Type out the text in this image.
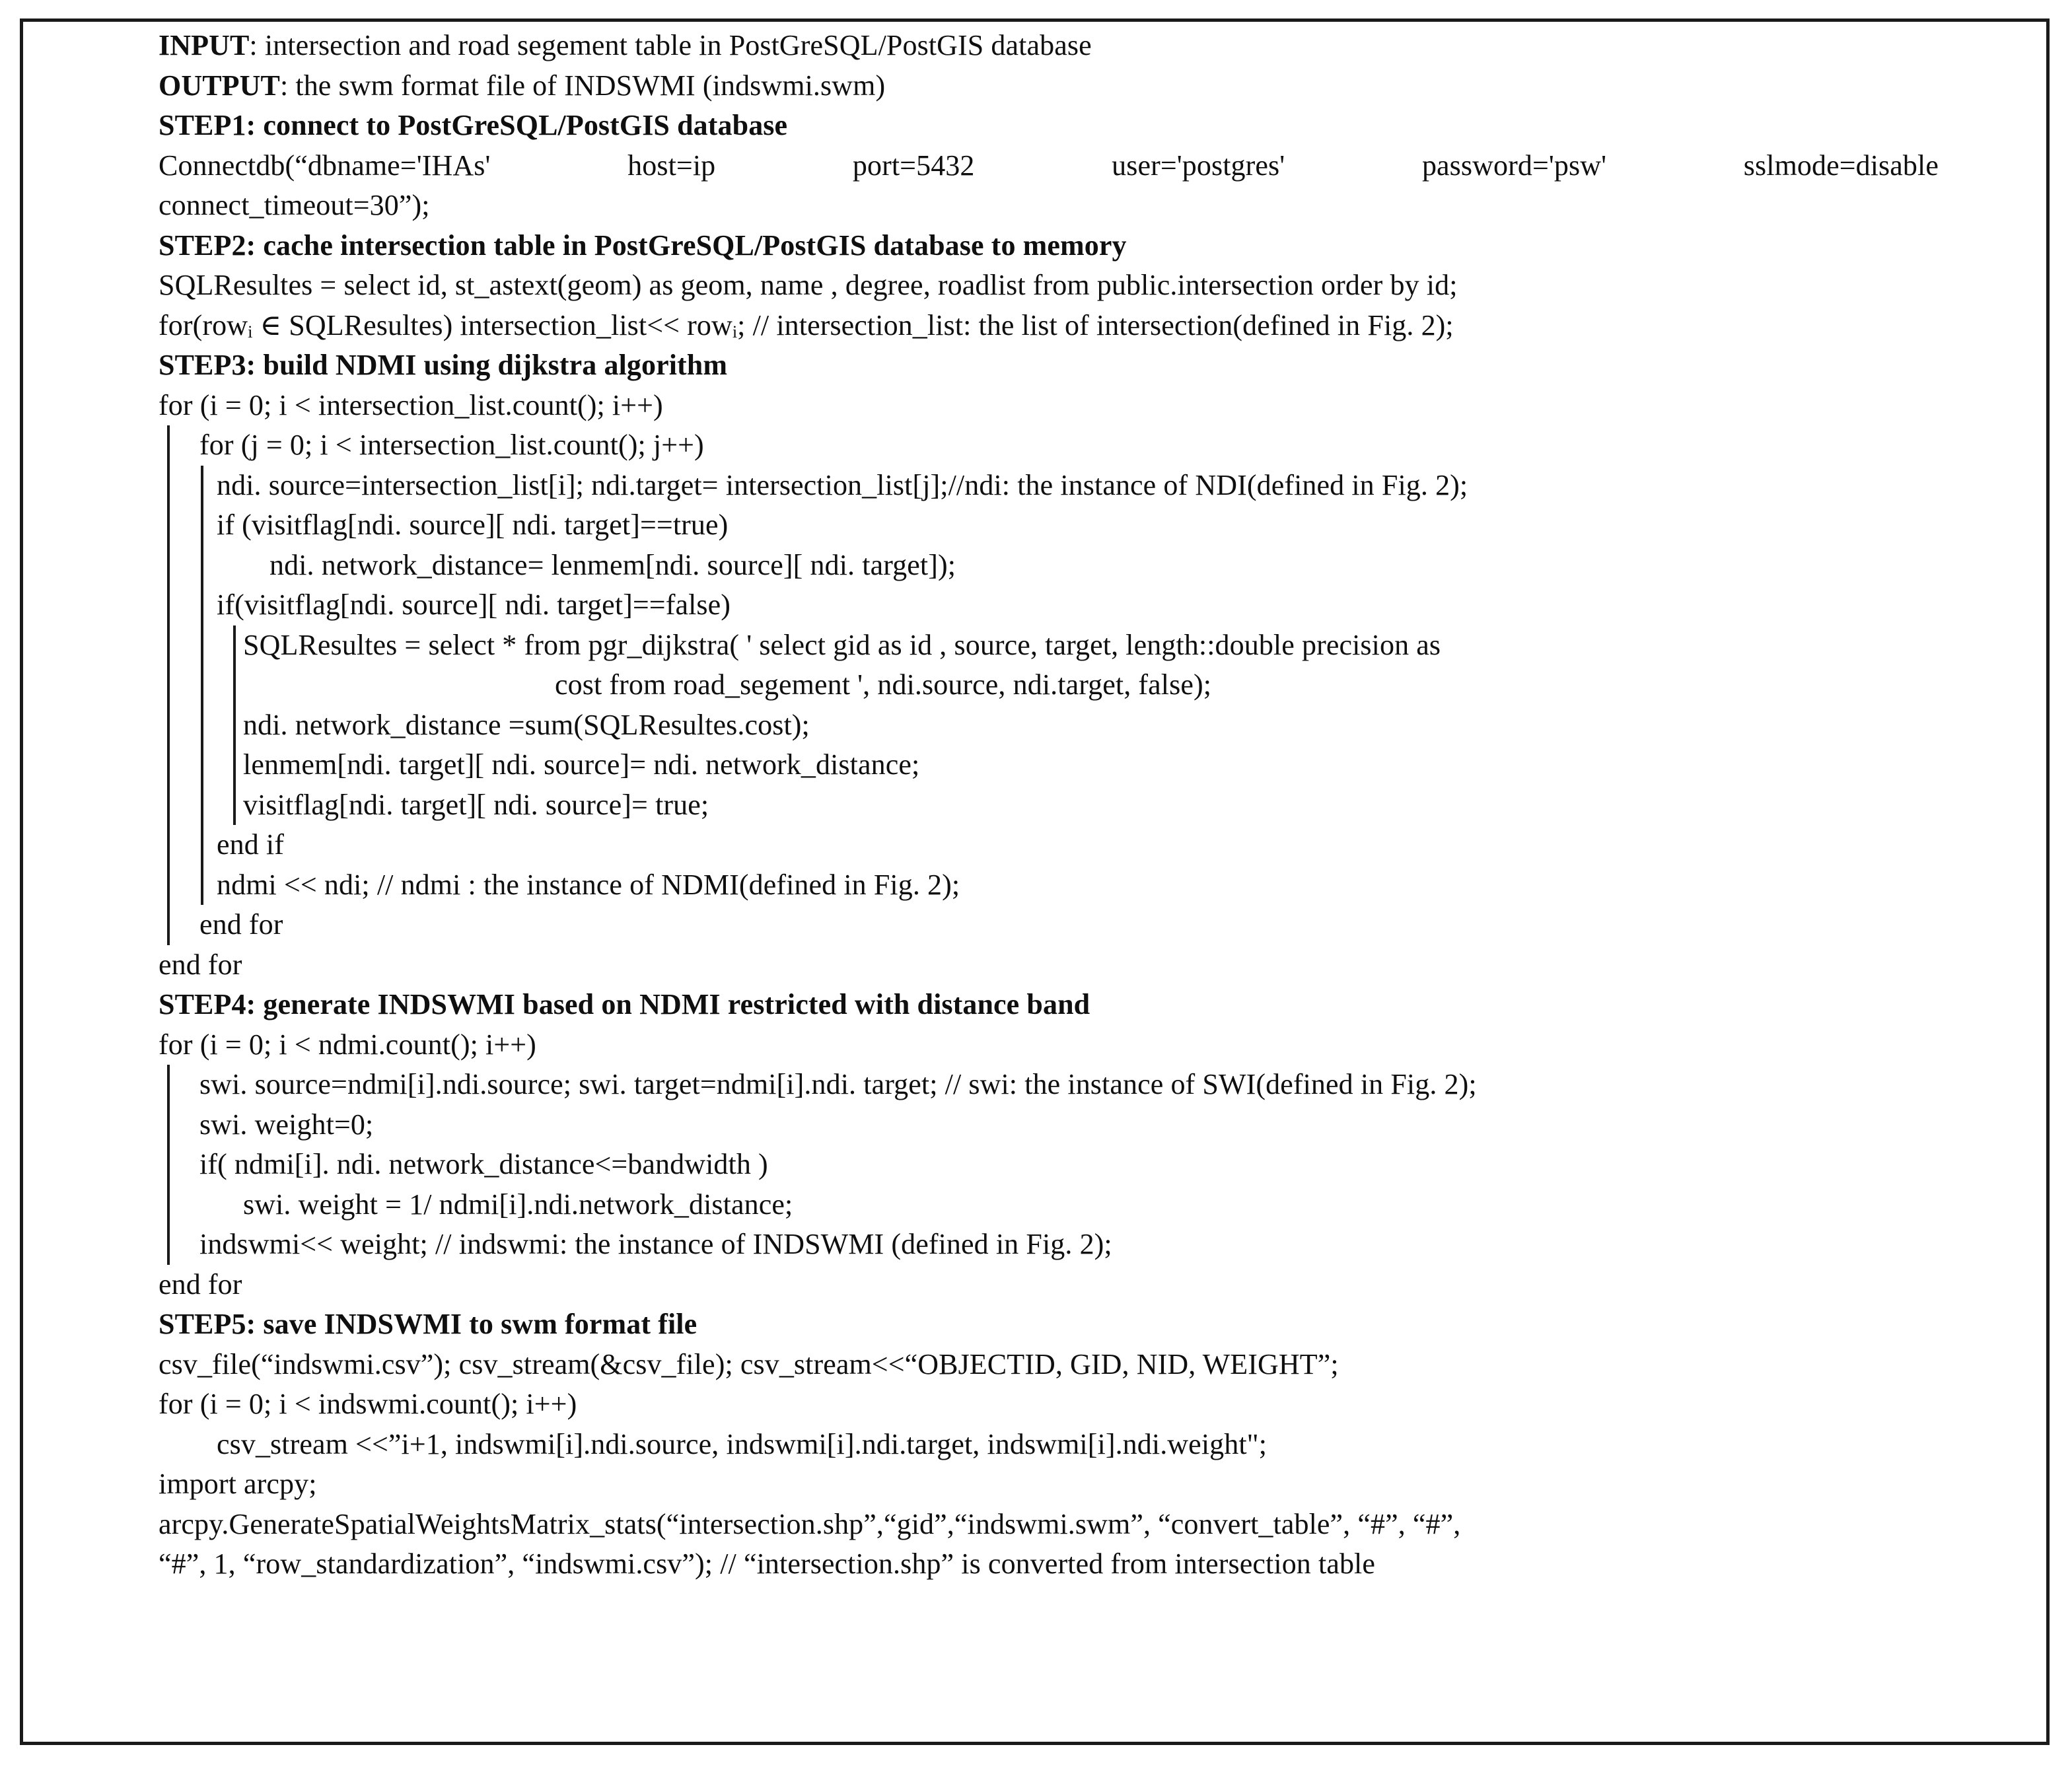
INPUT: intersection and road segement table in PostGreSQL/PostGIS database
OUTPUT: the swm format file of INDSWMI (indswmi.swm)
STEP1: connect to PostGreSQL/PostGIS database
Connectdb(“dbname='IHAs'	host=ip	port=5432	user='postgres'	password='psw'	sslmode=disable
connect_timeout=30”);
STEP2: cache intersection table in PostGreSQL/PostGIS database to memory
SQLResultes = select id, st_astext(geom) as geom, name , degree, roadlist from public.intersection order by id;
for(rowᵢ ∈ SQLResultes) intersection_list<< rowᵢ; // intersection_list: the list of intersection(defined in Fig. 2);
STEP3: build NDMI using dijkstra algorithm
for (i = 0; i < intersection_list.count(); i++)
for (j = 0; i < intersection_list.count(); j++)
ndi. source=intersection_list[i]; ndi.target= intersection_list[j];//ndi: the instance of NDI(defined in Fig. 2);
if (visitflag[ndi. source][ ndi. target]==true)
ndi. network_distance= lenmem[ndi. source][ ndi. target]);
if(visitflag[ndi. source][ ndi. target]==false)
SQLResultes = select * from pgr_dijkstra( ' select gid as id , source, target, length::double precision as
cost from road_segement ', ndi.source, ndi.target, false);
ndi. network_distance =sum(SQLResultes.cost);
lenmem[ndi. target][ ndi. source]= ndi. network_distance;
visitflag[ndi. target][ ndi. source]= true;
end if
ndmi << ndi; // ndmi : the instance of NDMI(defined in Fig. 2);
end for
end for
STEP4: generate INDSWMI based on NDMI restricted with distance band
for (i = 0; i < ndmi.count(); i++)
swi. source=ndmi[i].ndi.source; swi. target=ndmi[i].ndi. target; // swi: the instance of SWI(defined in Fig. 2);
swi. weight=0;
if( ndmi[i]. ndi. network_distance<=bandwidth )
swi. weight = 1/ ndmi[i].ndi.network_distance;
indswmi<< weight; // indswmi: the instance of INDSWMI (defined in Fig. 2);
end for
STEP5: save INDSWMI to swm format file
csv_file(“indswmi.csv”); csv_stream(&csv_file); csv_stream<<“OBJECTID, GID, NID, WEIGHT”;
for (i = 0; i < indswmi.count(); i++)
csv_stream <<”i+1, indswmi[i].ndi.source, indswmi[i].ndi.target, indswmi[i].ndi.weight";
import arcpy;
arcpy.GenerateSpatialWeightsMatrix_stats(“intersection.shp”,“gid”,“indswmi.swm”, “convert_table”, “#”, “#”,
“#”, 1, “row_standardization”, “indswmi.csv”); // “intersection.shp” is converted from intersection table
